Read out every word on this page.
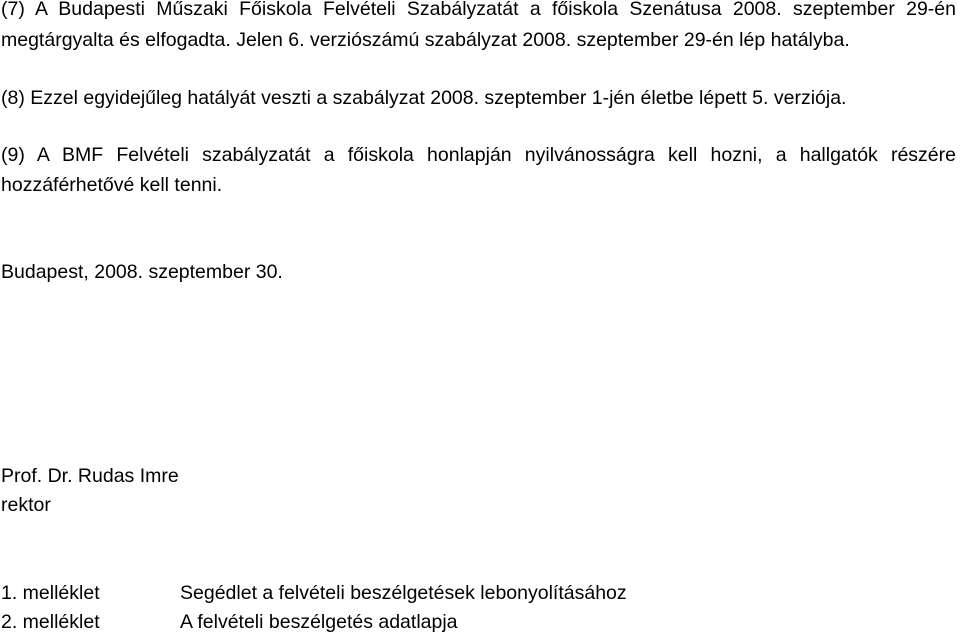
(7) A Budapesti Műszaki Főiskola Felvételi Szabályzatát a főiskola Szenátusa 2008. szeptember 29-én
megtárgyalta és elfogadta. Jelen 6. verziószámú szabályzat 2008. szeptember 29-én lép hatályba.
(8) Ezzel egyidejűleg hatályát veszti a szabályzat 2008. szeptember 1-jén életbe lépett 5. verziója.
(9) A BMF Felvételi szabályzatát a főiskola honlapján nyilvánosságra kell hozni, a hallgatók részére
hozzáférhetővé kell tenni.
Budapest, 2008. szeptember 30.
Prof. Dr. Rudas Imre
rektor
1. melléklet	Segédlet a felvételi beszélgetések lebonyolításához
2. melléklet	A felvételi beszélgetés adatlapja
